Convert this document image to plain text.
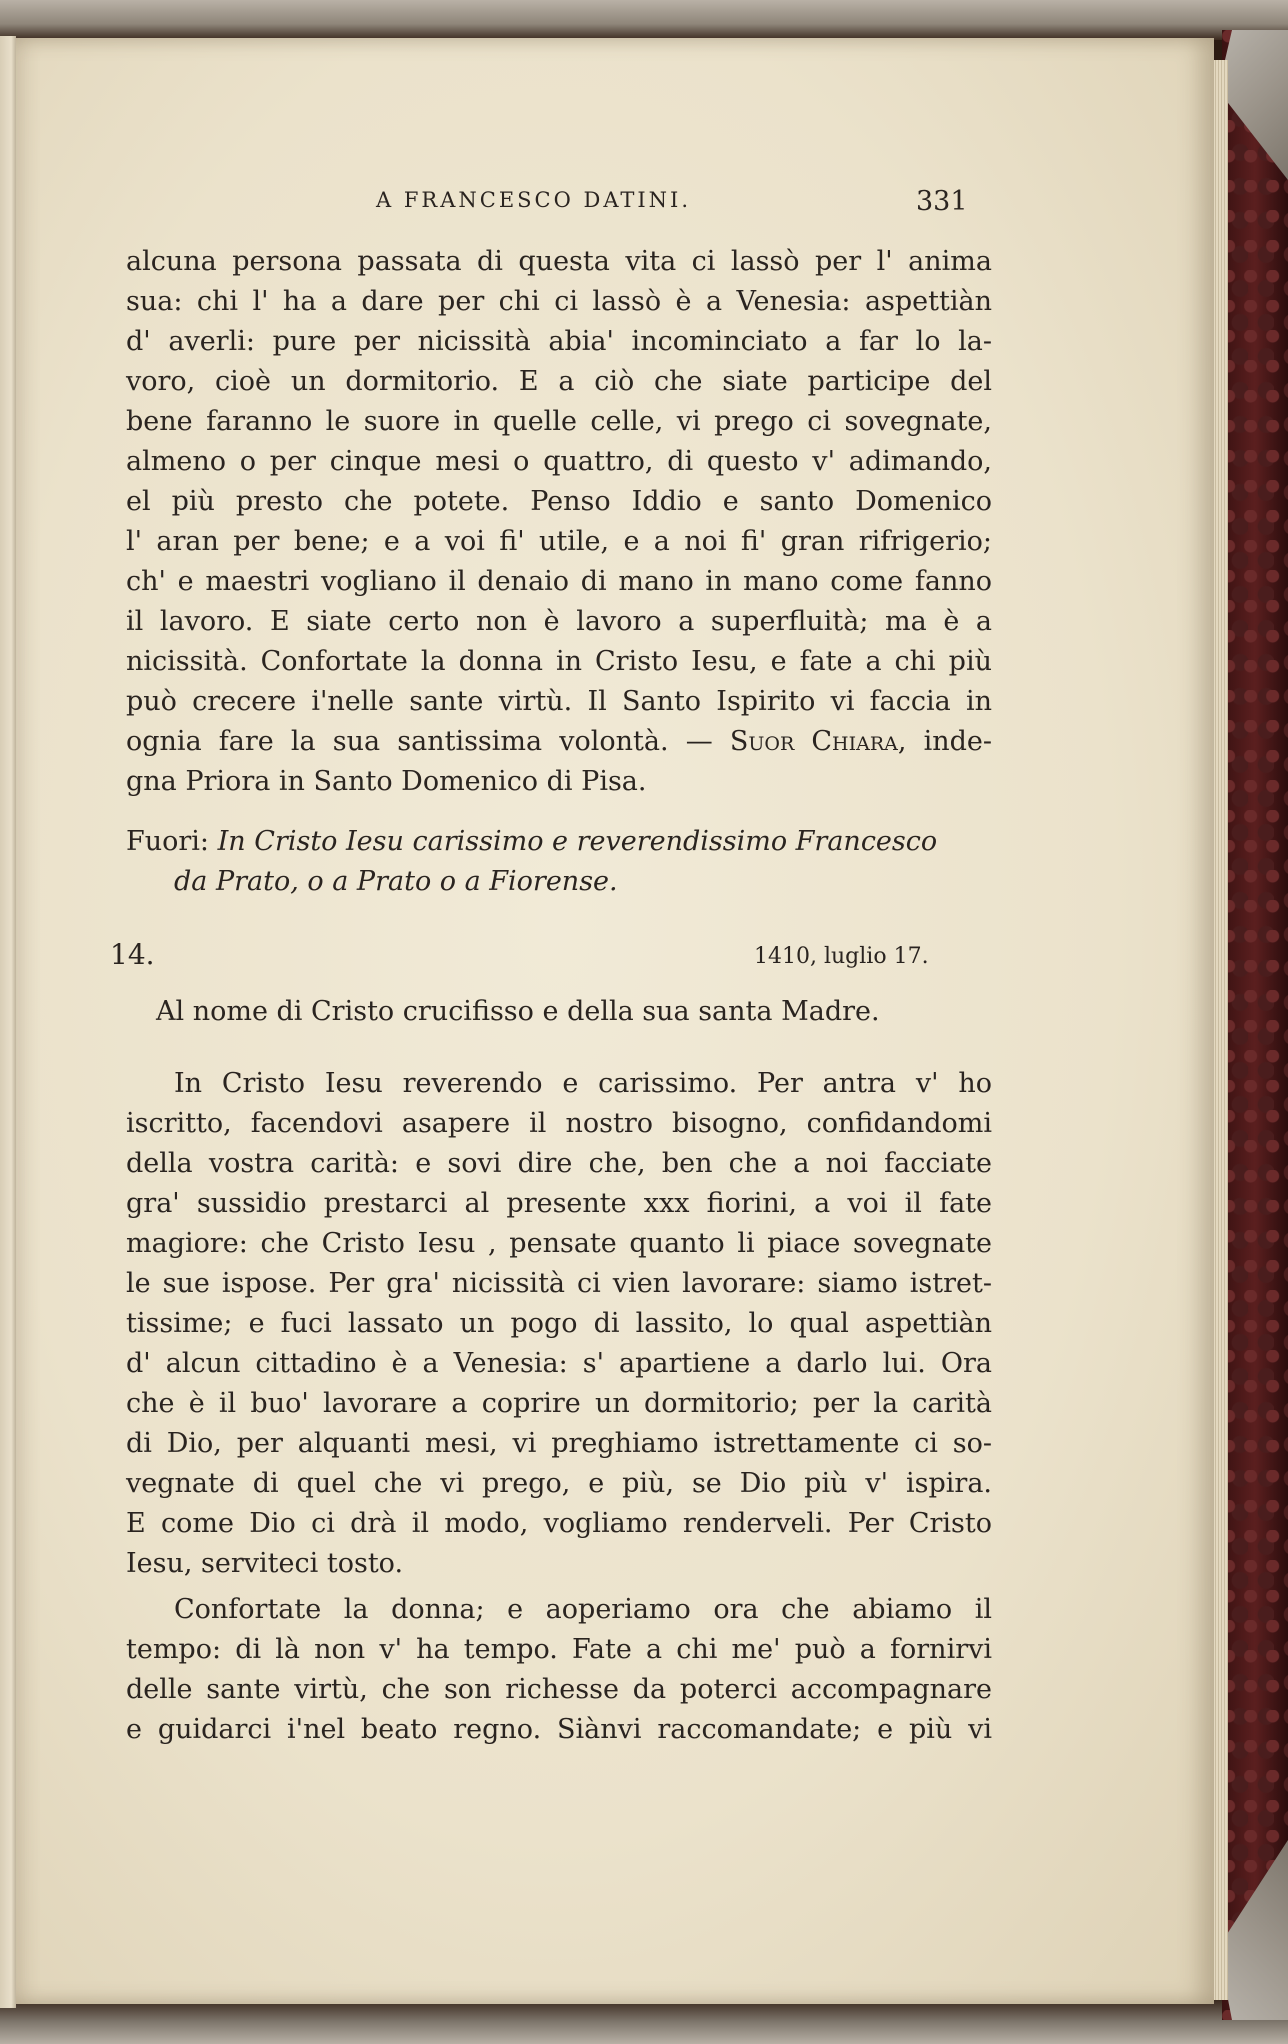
A FRANCESCO DATINI.	331
alcuna persona passata di questa vita ci lassò per l' anima
sua: chi l' ha a dare per chi ci lassò è a Venesia: aspettiàn
d' averli: pure per nicissità abia' incominciato a far lo la-
voro, cioè un dormitorio. E a ciò che siate participe del
bene faranno le suore in quelle celle, vi prego ci sovegnate,
almeno o per cinque mesi o quattro, di questo v' adimando,
el più presto che potete. Penso Iddio e santo Domenico
l' aran per bene; e a voi fi' utile, e a noi fi' gran rifrigerio;
ch' e maestri vogliano il denaio di mano in mano come fanno
il lavoro. E siate certo non è lavoro a superfluità; ma è a
nicissità. Confortate la donna in Cristo Iesu, e fate a chi più
può crecere i'nelle sante virtù. Il Santo Ispirito vi faccia in
ognia fare la sua santissima volontà. — Suor Chiara, inde-
gna Priora in Santo Domenico di Pisa.
Fuori: In Cristo Iesu carissimo e reverendissimo Francesco
da Prato, o a Prato o a Fiorense.
14.	1410, luglio 17.
Al nome di Cristo crucifisso e della sua santa Madre.
In Cristo Iesu reverendo e carissimo. Per antra v' ho
iscritto, facendovi asapere il nostro bisogno, confidandomi
della vostra carità: e sovi dire che, ben che a noi facciate
gra' sussidio prestarci al presente xxx fiorini, a voi il fate
magiore: che Cristo Iesu , pensate quanto li piace sovegnate
le sue ispose. Per gra' nicissità ci vien lavorare: siamo istret-
tissime; e fuci lassato un pogo di lassito, lo qual aspettiàn
d' alcun cittadino è a Venesia: s' apartiene a darlo lui. Ora
che è il buo' lavorare a coprire un dormitorio; per la carità
di Dio, per alquanti mesi, vi preghiamo istrettamente ci so-
vegnate di quel che vi prego, e più, se Dio più v' ispira.
E come Dio ci drà il modo, vogliamo renderveli. Per Cristo
Iesu, serviteci tosto.
Confortate la donna; e aoperiamo ora che abiamo il
tempo: di là non v' ha tempo. Fate a chi me' può a fornirvi
delle sante virtù, che son richesse da poterci accompagnare
e guidarci i'nel beato regno. Siànvi raccomandate; e più vi
